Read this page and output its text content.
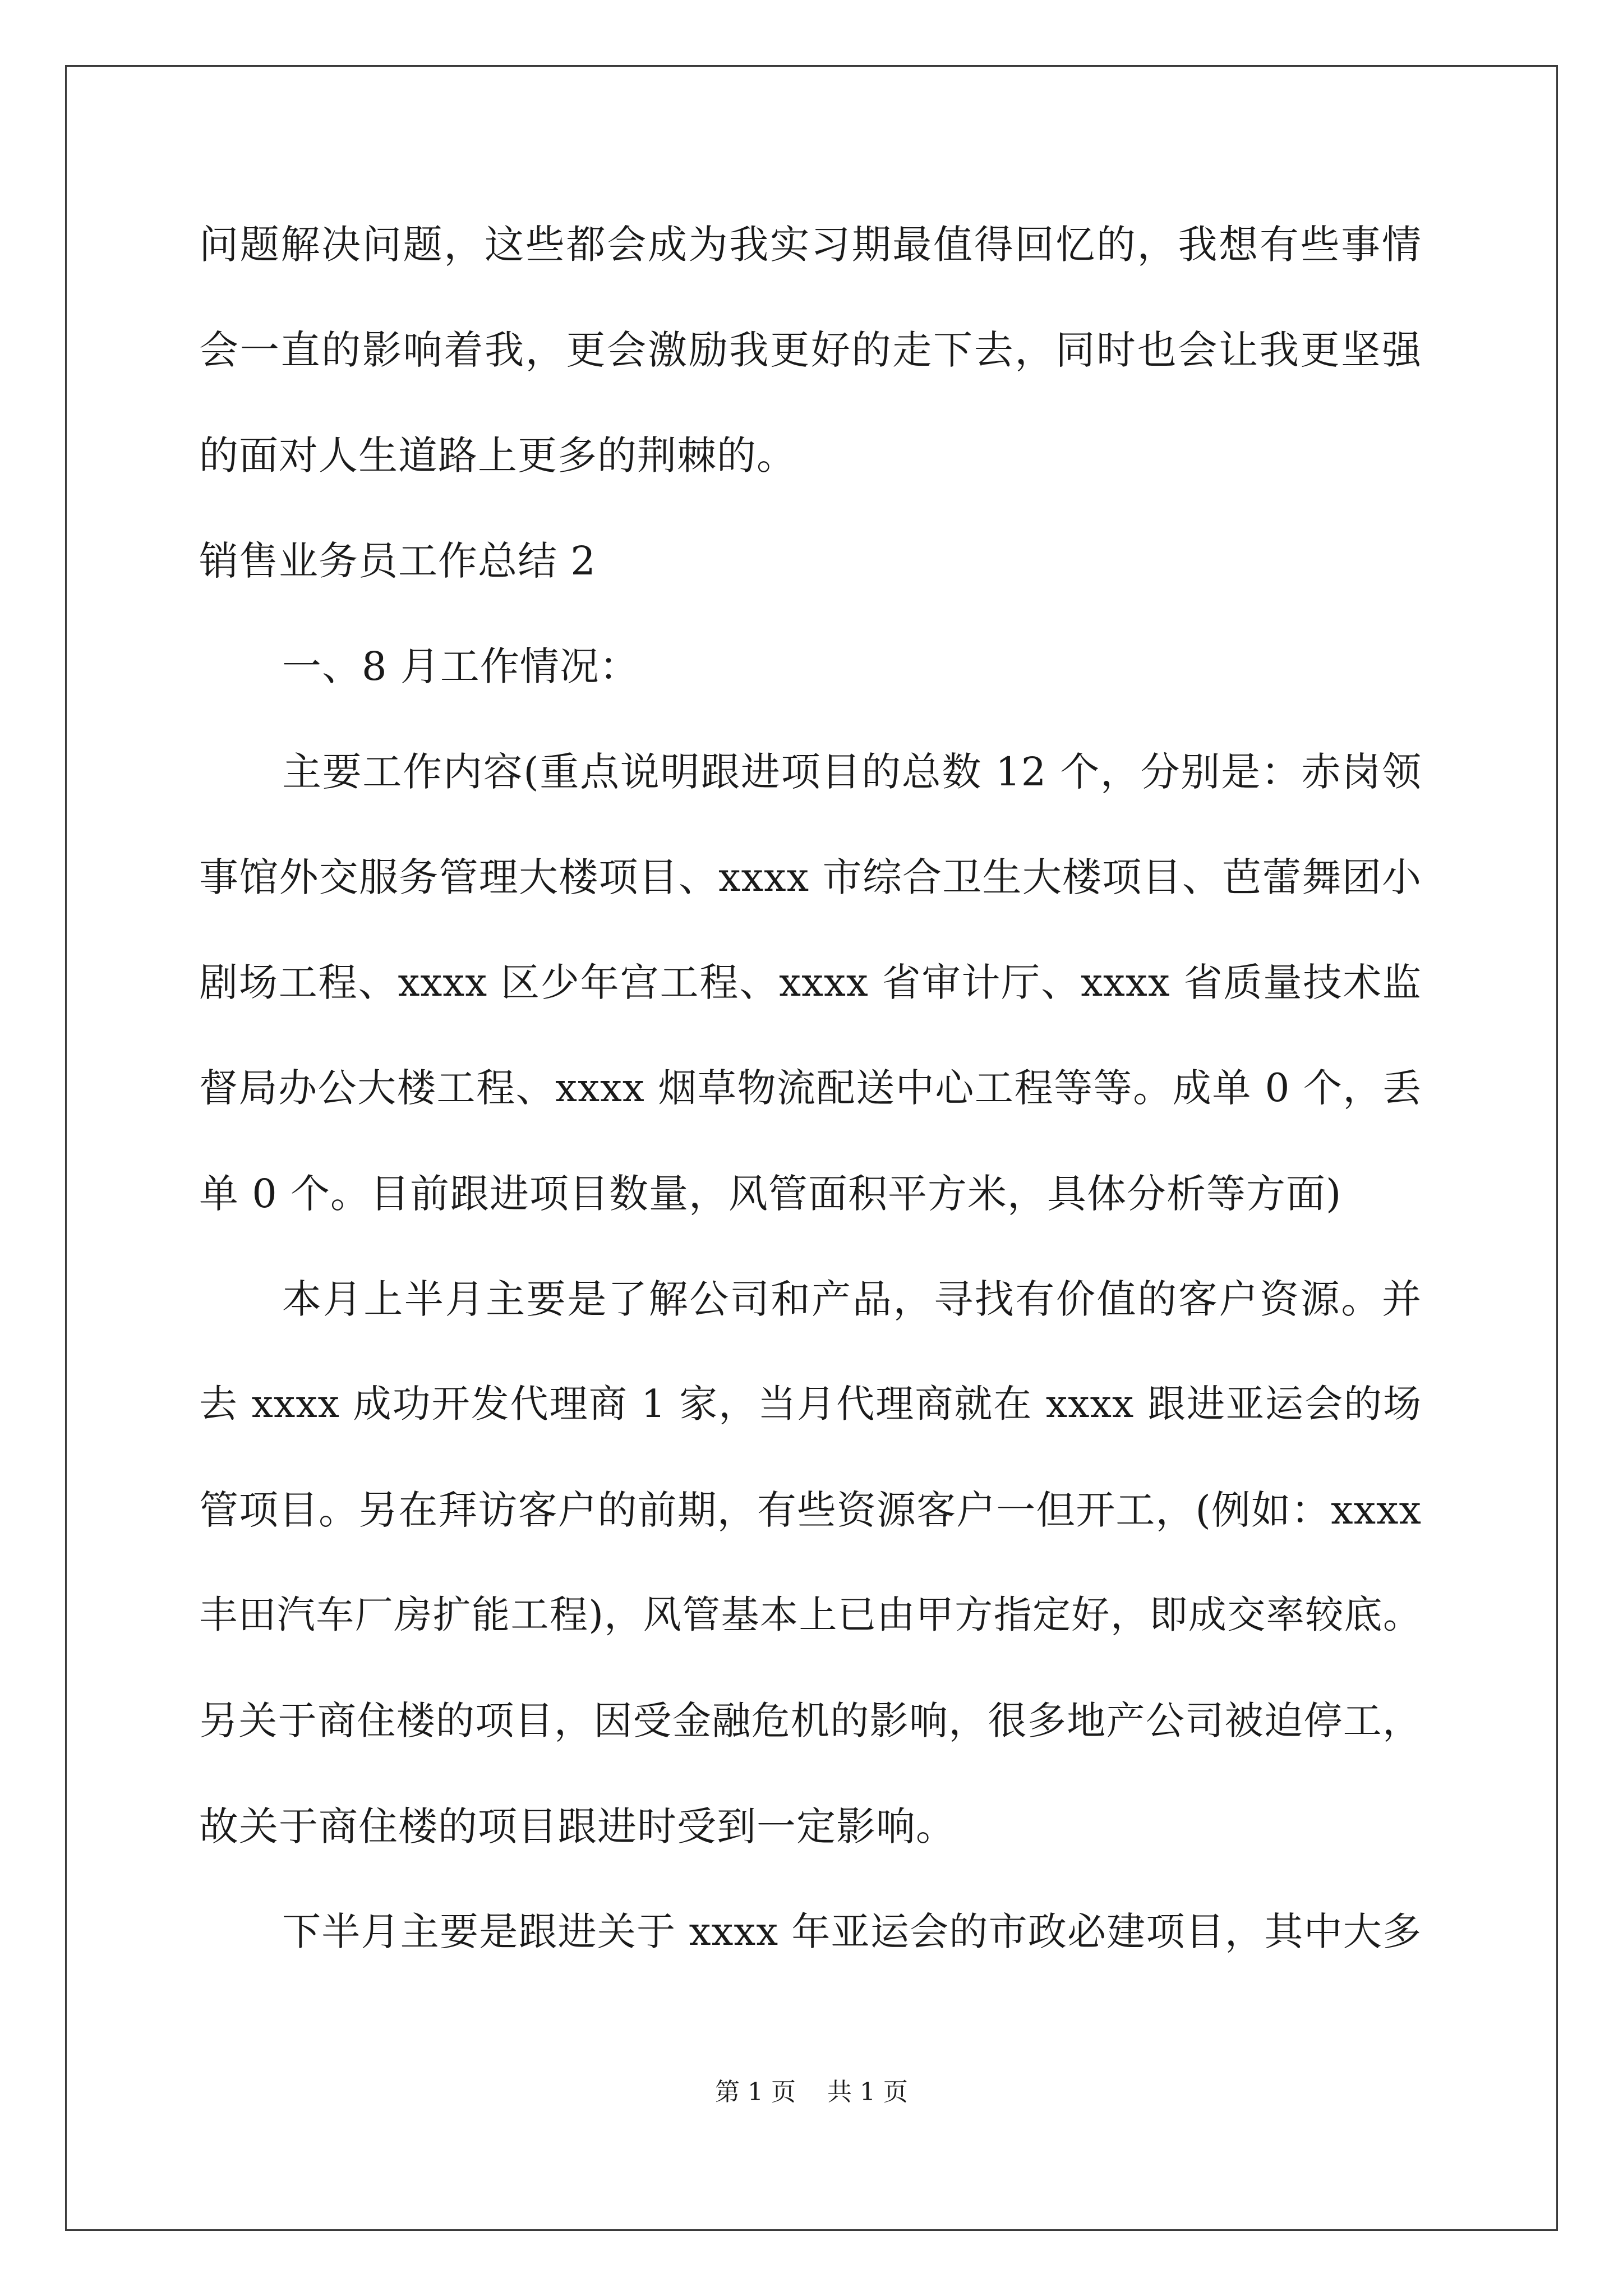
问题解决问题，这些都会成为我实习期最值得回忆的，我想有些事情
会一直的影响着我，更会激励我更好的走下去，同时也会让我更坚强
的面对人生道路上更多的荆棘的。
销售业务员工作总结 2
一、8 月工作情况：
主要工作内容(重点说明跟进项目的总数 12 个，分别是：赤岗领
事馆外交服务管理大楼项目、xxxx 市综合卫生大楼项目、芭蕾舞团小
剧场工程、xxxx 区少年宫工程、xxxx 省审计厅、xxxx 省质量技术监
督局办公大楼工程、xxxx 烟草物流配送中心工程等等。成单 0 个，丢
单 0 个。目前跟进项目数量，风管面积平方米，具体分析等方面)
本月上半月主要是了解公司和产品，寻找有价值的客户资源。并
去 xxxx 成功开发代理商 1 家，当月代理商就在 xxxx 跟进亚运会的场
管项目。另在拜访客户的前期，有些资源客户一但开工，(例如：xxxx
丰田汽车厂房扩能工程)，风管基本上已由甲方指定好，即成交率较底。
另关于商住楼的项目，因受金融危机的影响，很多地产公司被迫停工，
故关于商住楼的项目跟进时受到一定影响。
下半月主要是跟进关于 xxxx 年亚运会的市政必建项目，其中大多
第 1 页 共 1 页
